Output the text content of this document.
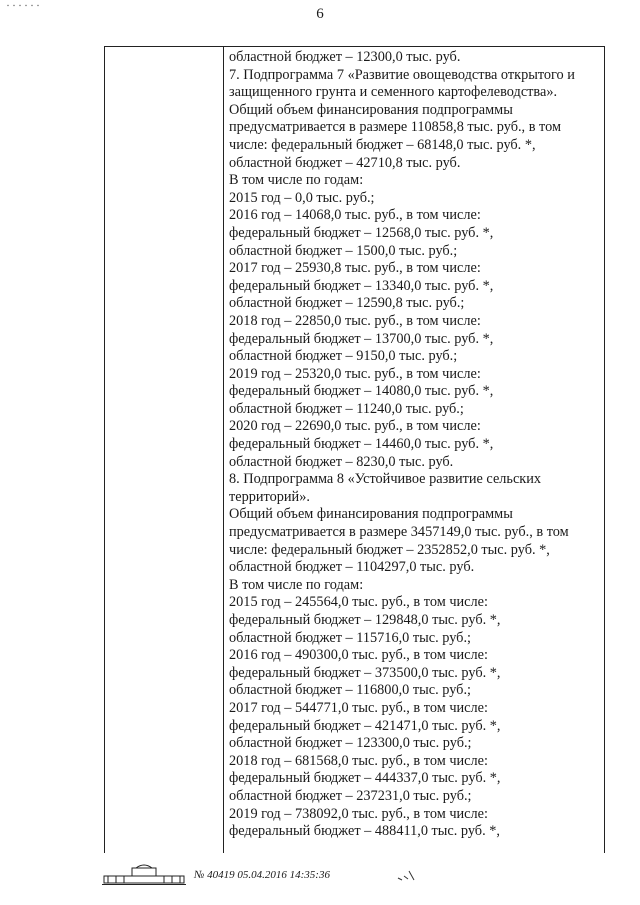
6
областной бюджет – 12300,0 тыс. руб.
7. Подпрограмма 7 «Развитие овощеводства открытого и
защищенного грунта и семенного картофелеводства».
Общий объем финансирования подпрограммы
предусматривается в размере 110858,8 тыс. руб., в том
числе: федеральный бюджет – 68148,0 тыс. руб. *,
областной бюджет – 42710,8 тыс. руб.
В том числе по годам:
2015 год – 0,0 тыс. руб.;
2016 год – 14068,0 тыс. руб., в том числе:
федеральный бюджет – 12568,0 тыс. руб. *,
областной бюджет – 1500,0 тыс. руб.;
2017 год – 25930,8 тыс. руб., в том числе:
федеральный бюджет – 13340,0 тыс. руб. *,
областной бюджет – 12590,8 тыс. руб.;
2018 год – 22850,0 тыс. руб., в том числе:
федеральный бюджет – 13700,0 тыс. руб. *,
областной бюджет – 9150,0 тыс. руб.;
2019 год – 25320,0 тыс. руб., в том числе:
федеральный бюджет – 14080,0 тыс. руб. *,
областной бюджет – 11240,0 тыс. руб.;
2020 год – 22690,0 тыс. руб., в том числе:
федеральный бюджет – 14460,0 тыс. руб. *,
областной бюджет – 8230,0 тыс. руб.
8. Подпрограмма 8 «Устойчивое развитие сельских
территорий».
Общий объем финансирования подпрограммы
предусматривается в размере 3457149,0 тыс. руб., в том
числе: федеральный бюджет – 2352852,0 тыс. руб. *,
областной бюджет – 1104297,0 тыс. руб.
В том числе по годам:
2015 год – 245564,0 тыс. руб., в том числе:
федеральный бюджет – 129848,0 тыс. руб. *,
областной бюджет – 115716,0 тыс. руб.;
2016 год – 490300,0 тыс. руб., в том числе:
федеральный бюджет – 373500,0 тыс. руб. *,
областной бюджет – 116800,0 тыс. руб.;
2017 год – 544771,0 тыс. руб., в том числе:
федеральный бюджет – 421471,0 тыс. руб. *,
областной бюджет – 123300,0 тыс. руб.;
2018 год – 681568,0 тыс. руб., в том числе:
федеральный бюджет – 444337,0 тыс. руб. *,
областной бюджет – 237231,0 тыс. руб.;
2019 год – 738092,0 тыс. руб., в том числе:
федеральный бюджет – 488411,0 тыс. руб. *,
№ 40419 05.04.2016 14:35:36
